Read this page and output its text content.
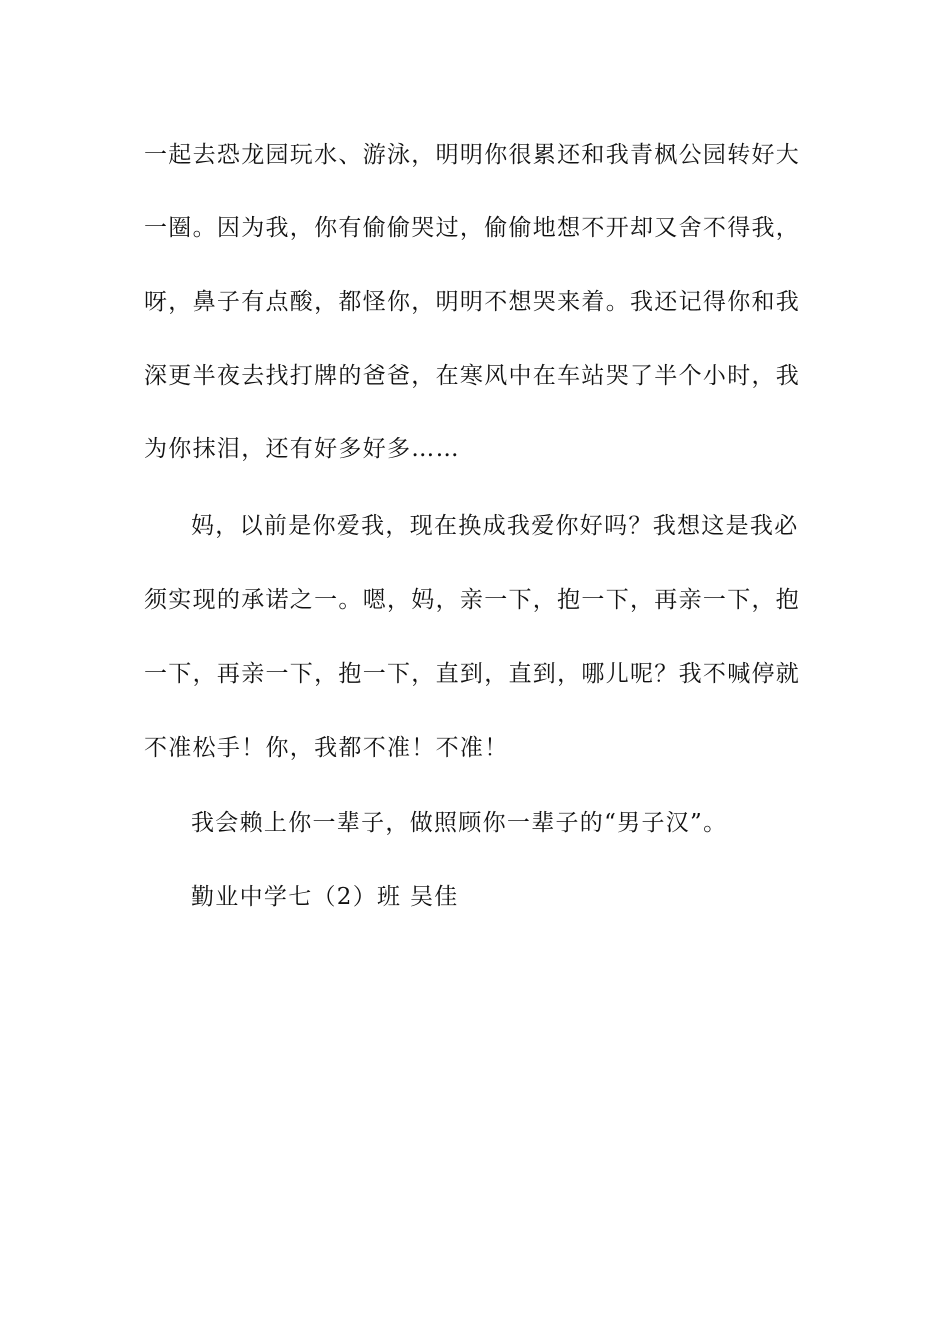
一起去恐龙园玩水、游泳，明明你很累还和我青枫公园转好大
一圈。因为我，你有偷偷哭过，偷偷地想不开却又舍不得我，
呀，鼻子有点酸，都怪你，明明不想哭来着。我还记得你和我
深更半夜去找打牌的爸爸，在寒风中在车站哭了半个小时，我
为你抹泪，还有好多好多……
妈，以前是你爱我，现在换成我爱你好吗？我想这是我必
须实现的承诺之一。嗯，妈，亲一下，抱一下，再亲一下，抱
一下，再亲一下，抱一下，直到，直到，哪儿呢？我不喊停就
不准松手！你，我都不准！不准！
我会赖上你一辈子，做照顾你一辈子的“男子汉”。
勤业中学七（2）班 吴佳
